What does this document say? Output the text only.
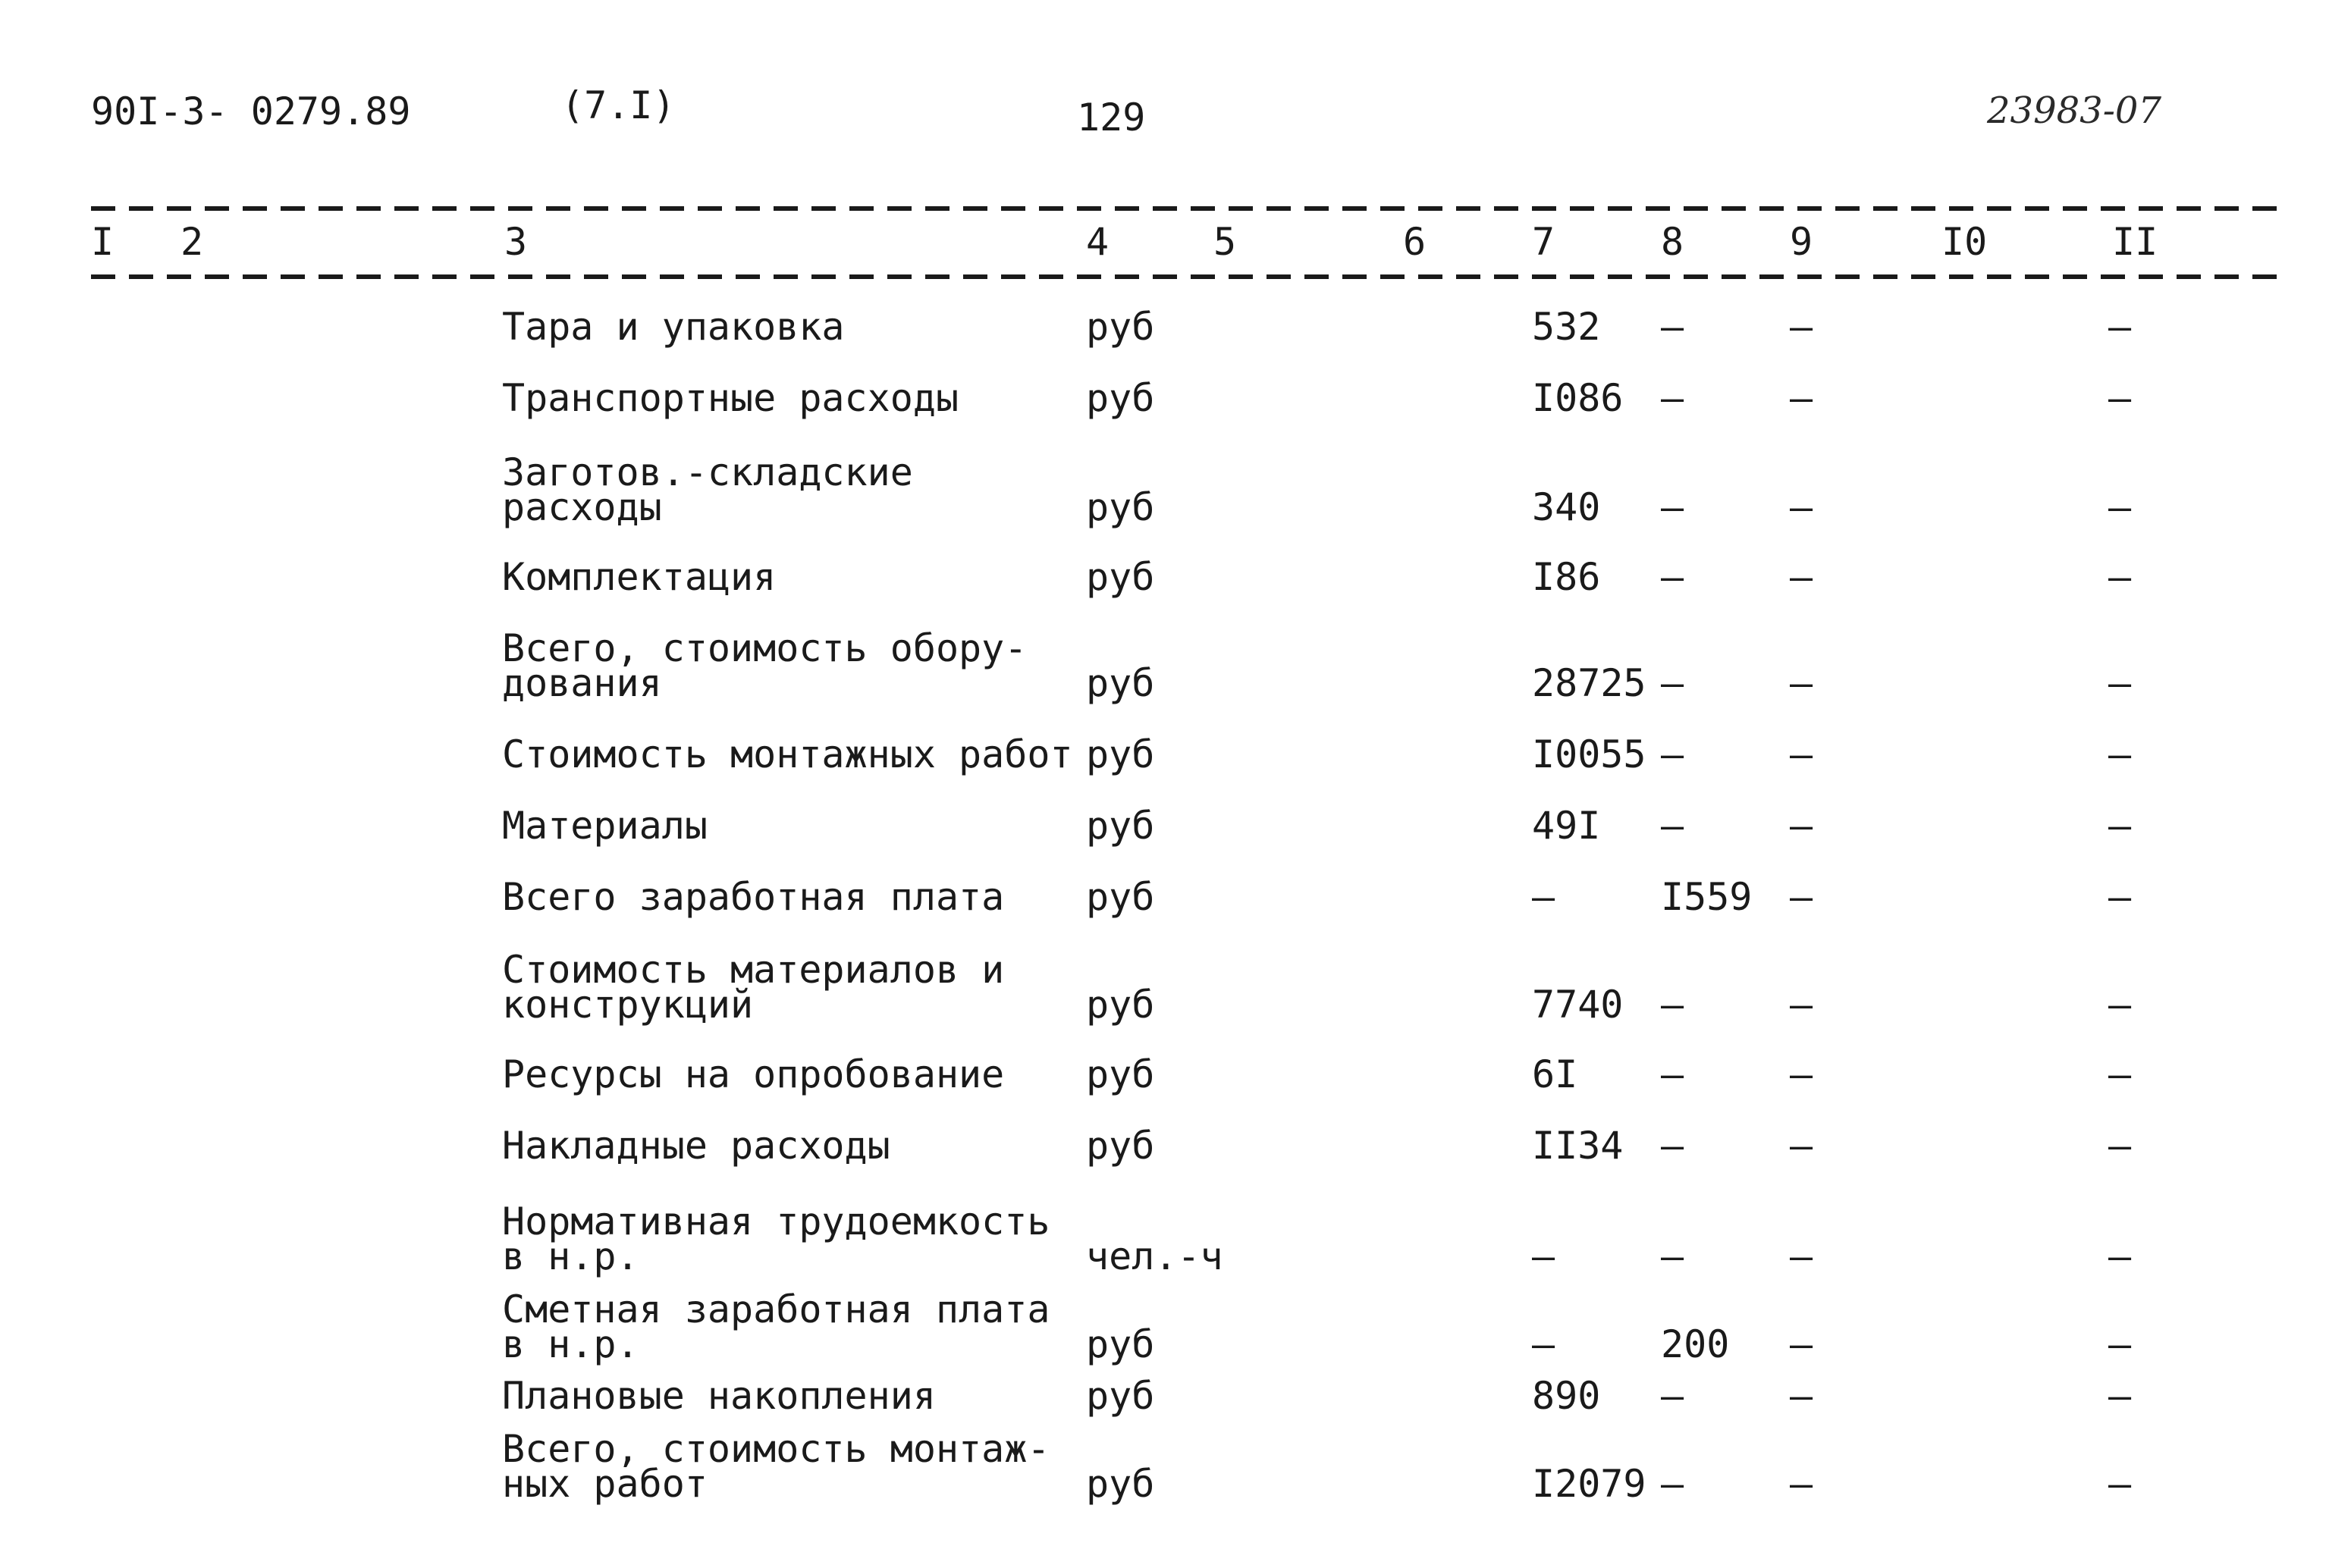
90I-3- 0279.89	(7.I)	129	23983-07
I 2	3	4	5	6	7	8	9	I0	II
Тара и упаковка	руб	532 –	–	–
Транспортные расходы	руб	I086 –	–	–
Заготов.-складские
расходы	руб	340 –	–	–
Комплектация	руб	I86 –	–	–
Всего, стоимость обору-
дования	руб	28725 –	–	–
Стоимость монтажных работ руб	I0055 –	–	–
Материалы	руб	49I –	–	–
Всего заработная плата руб	–	I559 –	–
Стоимость материалов и
конструкций	руб	7740 –	–	–
Ресурсы на опробование руб	6I –	–	–
Накладные расходы	руб	II34 –	–	–
Нормативная трудоемкость
в н.р.	чел.-ч	–	–	–	–
Сметная заработная плата
в н.р.	руб	–	200 –	–
Плановые накопления	руб	890 –	–	–
Всего, стоимость монтаж-
ных работ	руб	I2079 –	–	–
